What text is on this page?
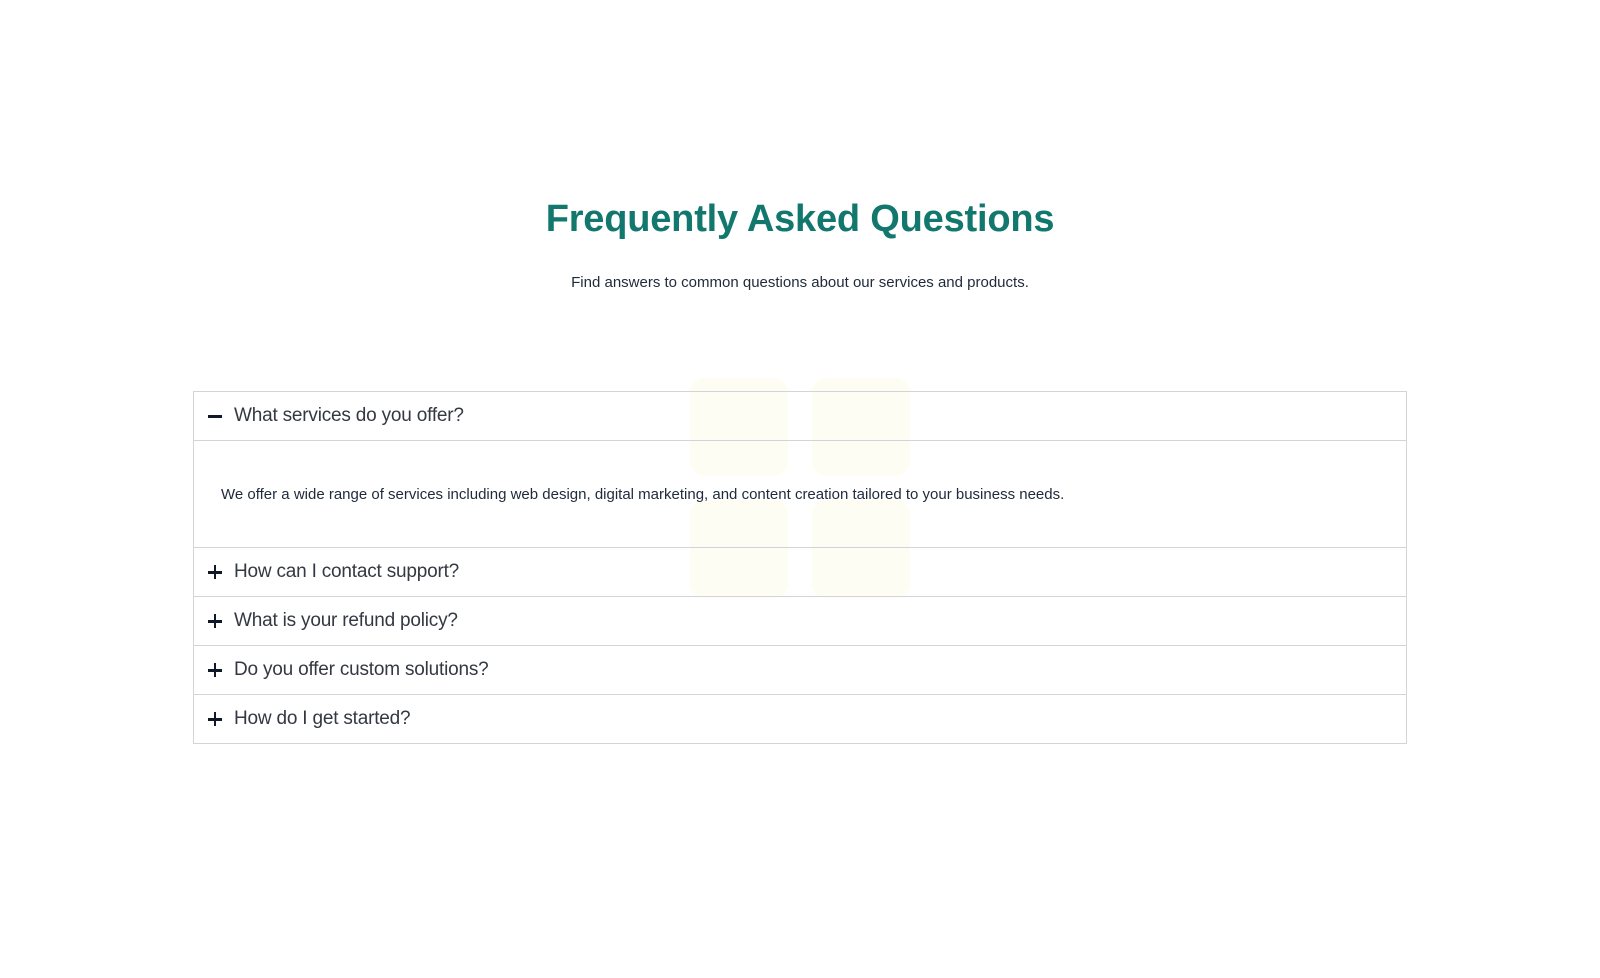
Frequently Asked Questions

Find answers to common questions about our services and products.

What services do you offer?
We offer a wide range of services including web design, digital marketing, and content creation tailored to your business needs.
How can I contact support?
What is your refund policy?
Do you offer custom solutions?
How do I get started?
